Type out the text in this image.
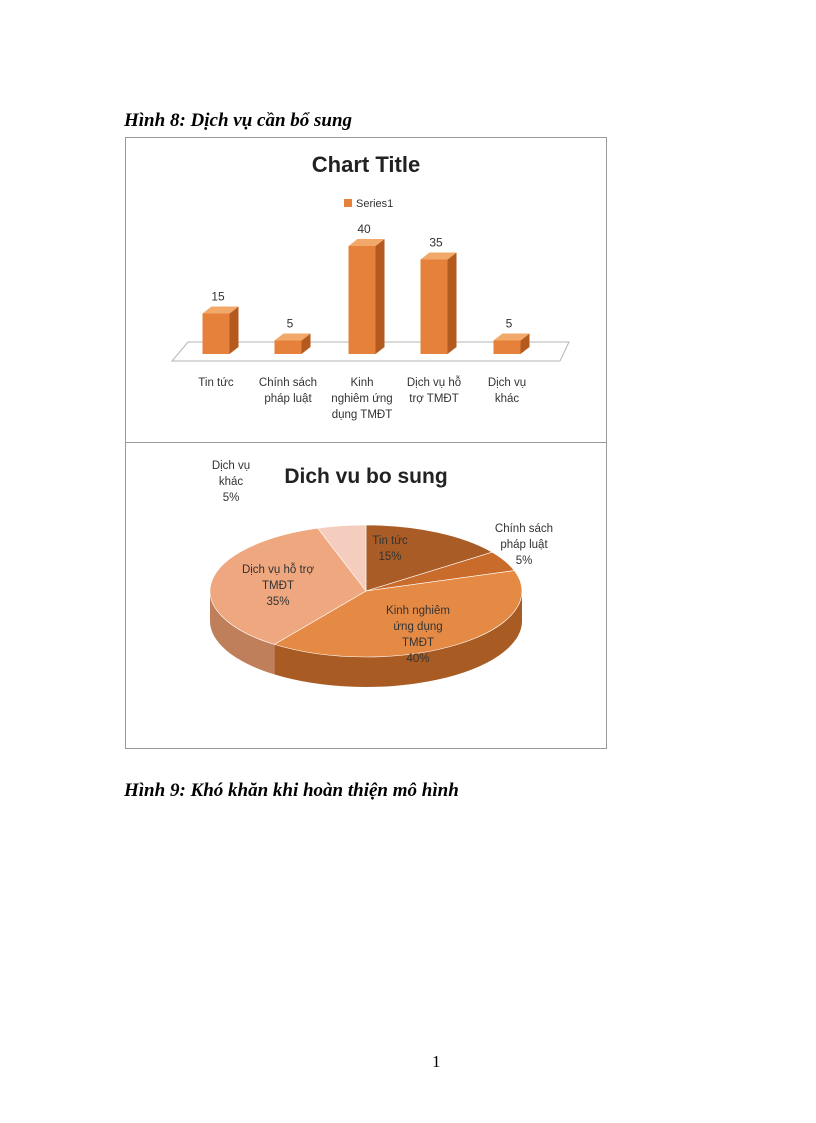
Hình 8: Dịch vụ cần bổ sung
Chart Title
Series1
15
Tin tức
5
Chính sách pháp luật
40
Kinh nghiêm ứng dụng TMĐT
35
Dịch vụ hỗ trợ TMĐT
5
Dịch vụ khác
Dich vu bo sung
Tin tức 15%
Chính sách pháp luật 5%
Kinh nghiêm ứng dụng TMĐT 40%
Dịch vụ hỗ trợ TMĐT 35%
Dịch vụ khác 5%
Hình 9: Khó khăn khi hoàn thiện mô hình
1
